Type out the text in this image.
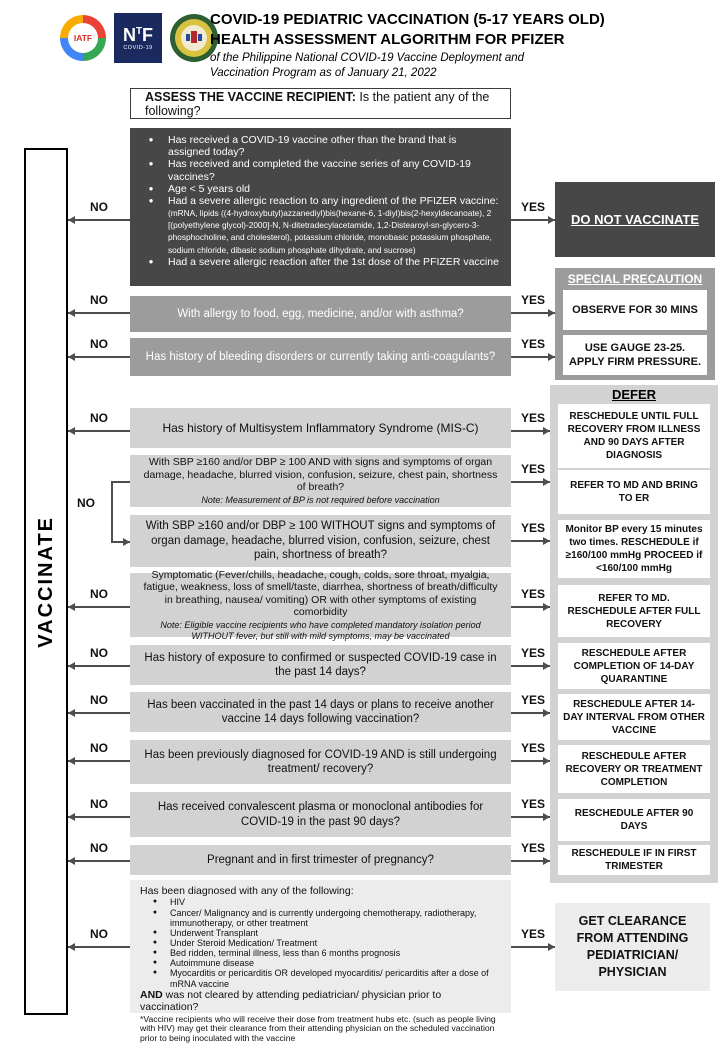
IATF	$N^TF$
COVID-19
COVID-19 PEDIATRIC VACCINATION (5-17 YEARS OLD)
HEALTH ASSESSMENT ALGORITHM FOR PFIZER
of the Philippine National COVID-19 Vaccine Deployment and Vaccination Program as of January 21, 2022
ASSESS THE VACCINE RECIPIENT: Is the patient any of the following?
VACCINATE
●	Has received a COVID-19 vaccine other than the brand that is assigned today?
●	Has received and completed the vaccine series of any COVID-19 vaccines?
●	Age < 5 years old
●	Had a severe allergic reaction to any ingredient of the PFIZER vaccine: (mRNA, lipids ((4-hydroxybutyl)azzanediyl)bis(hexane-6, 1-diyl)bis(2-hexyldecanoate), 2 [(polyethylene glycol)-2000]-N, N-ditetradecylacetamide, 1,2-Distearoyl-sn-glycero-3-phosphocholine, and cholesterol), potassium chloride, monobasic potassium phosphate, sodium chloride, dibasic sodium phosphate dihydrate, and sucrose)
●	Had a severe allergic reaction after the 1st dose of the PFIZER vaccine
With allergy to food, egg, medicine, and/or with asthma?
Has history of bleeding disorders or currently taking anti-coagulants?
Has history of Multisystem Inflammatory Syndrome (MIS-C)
With SBP ≥160 and/or DBP ≥ 100 AND with signs and symptoms of organ damage, headache, blurred vision, confusion, seizure, chest pain, shortness of breath?
Note: Measurement of BP is not required before vaccination
With SBP ≥160 and/or DBP ≥ 100 WITHOUT signs and symptoms of organ damage, headache, blurred vision, confusion, seizure, chest pain, shortness of breath?
Symptomatic (Fever/chills, headache, cough, colds, sore throat, myalgia, fatigue, weakness, loss of smell/taste, diarrhea, shortness of breath/difficulty in breathing, nausea/ vomiting) OR with other symptoms of existing comorbidity
Note: Eligible vaccine recipients who have completed mandatory isolation period WITHOUT fever, but still with mild symptoms, may be vaccinated
Has history of exposure to confirmed or suspected COVID-19 case in the past 14 days?
Has been vaccinated in the past 14 days or plans to receive another vaccine 14 days following vaccination?
Has been previously diagnosed for COVID-19 AND is still undergoing treatment/ recovery?
Has received convalescent plasma or monoclonal antibodies for COVID-19 in the past 90 days?
Pregnant and in first trimester of pregnancy?
Has been diagnosed with any of the following:
●	HIV
●	Cancer/ Malignancy and is currently undergoing chemotherapy, radiotherapy, immunotherapy, or other treatment
●	Underwent Transplant
●	Under Steroid Medication/ Treatment
●	Bed ridden, terminal illness, less than 6 months prognosis
●	Autoimmune disease
●	Myocarditis or pericarditis OR developed myocarditis/ pericarditis after a dose of mRNA vaccine
AND was not cleared by attending pediatrician/ physician prior to vaccination?
*Vaccine recipients who will receive their dose from treatment hubs etc. (such as people living with HIV) may get their clearance from their attending physician on the scheduled vaccination prior to being inoculated with the vaccine
DO NOT VACCINATE
SPECIAL PRECAUTION
OBSERVE FOR 30 MINS
USE GAUGE 23-25. APPLY FIRM PRESSURE.
DEFER
RESCHEDULE UNTIL FULL RECOVERY FROM ILLNESS AND 90 DAYS AFTER DIAGNOSIS
REFER TO MD AND BRING TO ER
Monitor BP every 15 minutes two times. RESCHEDULE if ≥160/100 mmHg PROCEED if <160/100 mmHg
REFER TO MD. RESCHEDULE AFTER FULL RECOVERY
RESCHEDULE AFTER COMPLETION OF 14-DAY QUARANTINE
RESCHEDULE AFTER 14-DAY INTERVAL FROM OTHER VACCINE
RESCHEDULE AFTER RECOVERY OR TREATMENT COMPLETION
RESCHEDULE AFTER 90 DAYS
RESCHEDULE IF IN FIRST TRIMESTER
GET CLEARANCE FROM ATTENDING PEDIATRICIAN/ PHYSICIAN
NO
NO
NO
NO
NO
NO
NO
NO
NO
NO
NO
NO
YES
YES
YES
YES
YES
YES
YES
YES
YES
YES
YES
YES
YES
